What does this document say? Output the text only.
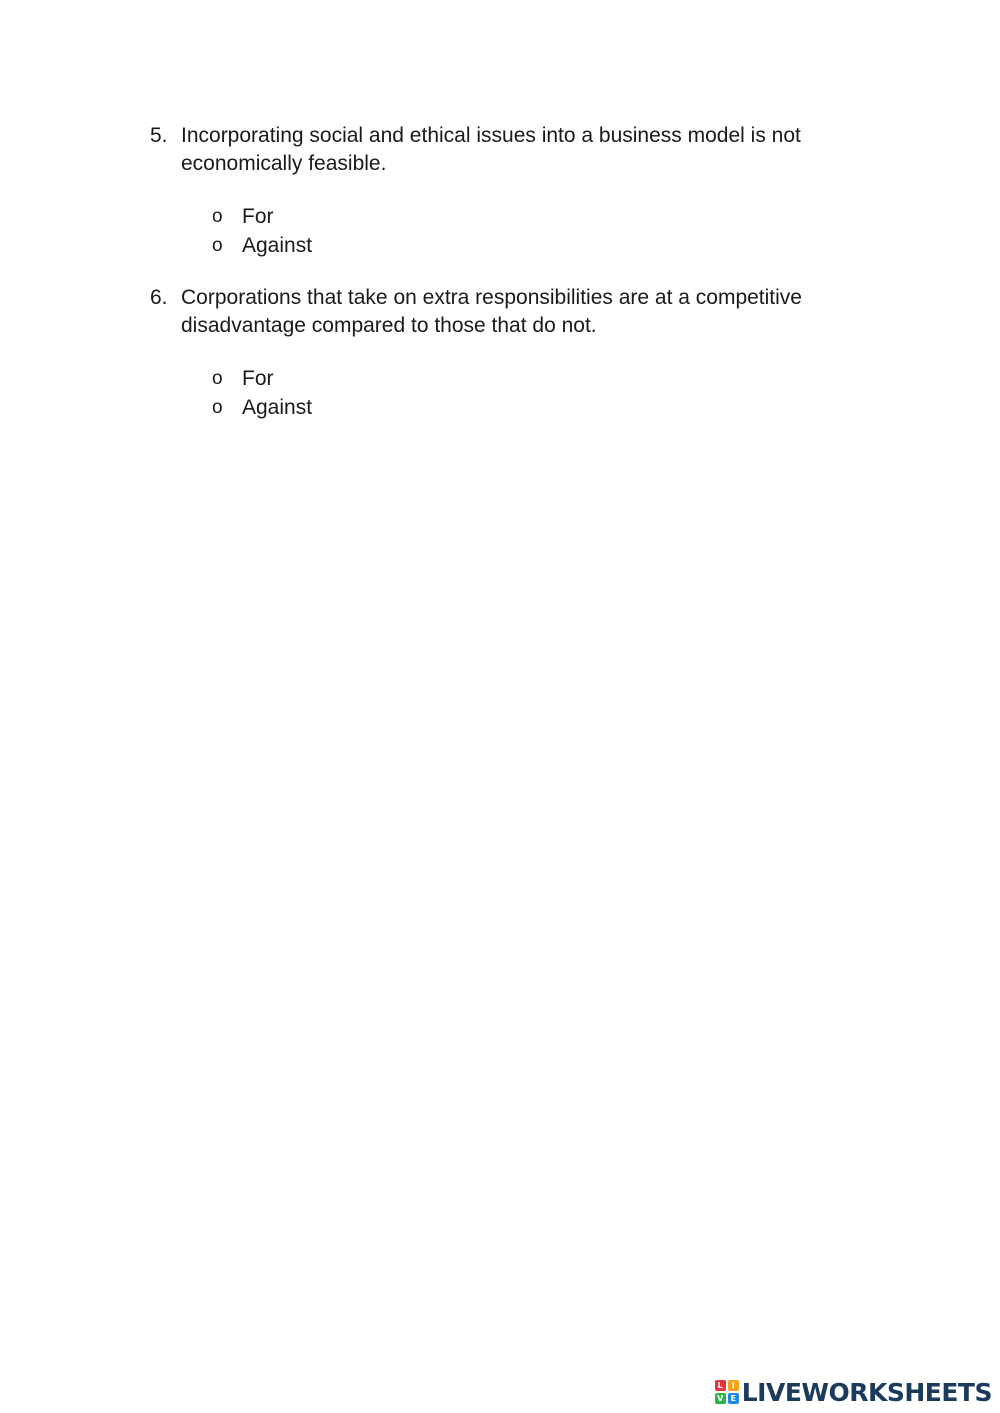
5. Incorporating social and ethical issues into a business model is not economically feasible.
o For
o Against
6. Corporations that take on extra responsibilities are at a competitive disadvantage compared to those that do not.
o For
o Against
L	I
V E LIVEWORKSHEETS
